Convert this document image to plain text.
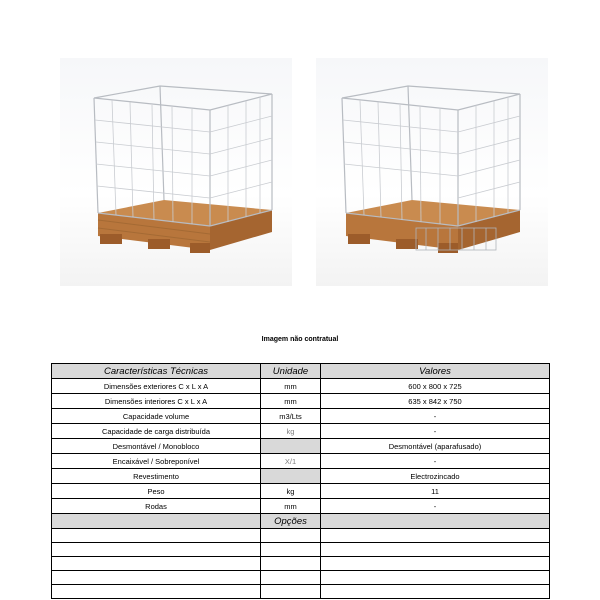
Imagem não contratual
Características Técnicas	Unidade	Valores
Dimensões exteriores C x L x A	mm	600 x 800 x 725
Dimensões interiores C x L x A	mm	635 x 842 x 750
Capacidade volume	m3/Lts	-
Capacidade de carga distribuída	kg	-
Desmontável / Monobloco		Desmontável (aparafusado)
Encaixável / Sobreponível	X/1	-
Revestimento		Electrozincado
Peso	kg	11
Rodas	mm	-
	Opções	
